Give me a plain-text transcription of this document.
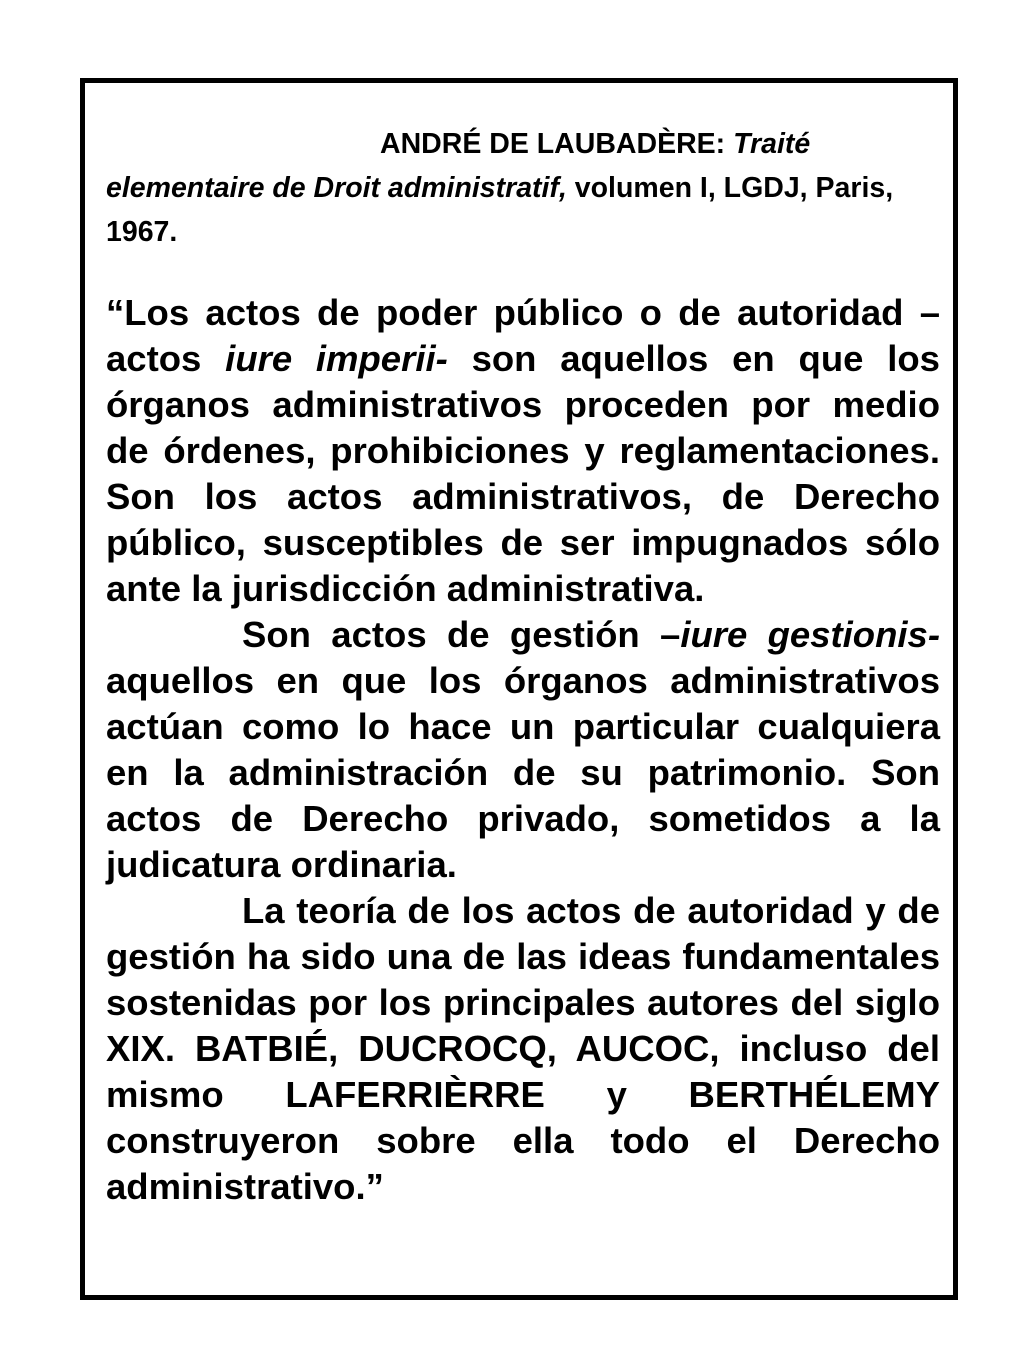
ANDRÉ DE LAUBADÈRE: Traité elementaire de Droit administratif, volumen I, LGDJ, Paris, 1967.

“Los actos de poder público o de autoridad – actos iure imperii- son aquellos en que los órganos administrativos proceden por medio de órdenes, prohibiciones y reglamentaciones. Son los actos administrativos, de Derecho público, susceptibles de ser impugnados sólo ante la jurisdicción administrativa.

Son actos de gestión –iure gestionis- aquellos en que los órganos administrativos actúan como lo hace un particular cualquiera en la administración de su patrimonio. Son actos de Derecho privado, sometidos a la judicatura ordinaria.

La teoría de los actos de autoridad y de gestión ha sido una de las ideas fundamentales sostenidas por los principales autores del siglo XIX. BATBIÉ, DUCROCQ, AUCOC, incluso del mismo LAFERRIÈRRE y BERTHÉLEMY construyeron sobre ella todo el Derecho administrativo.”
